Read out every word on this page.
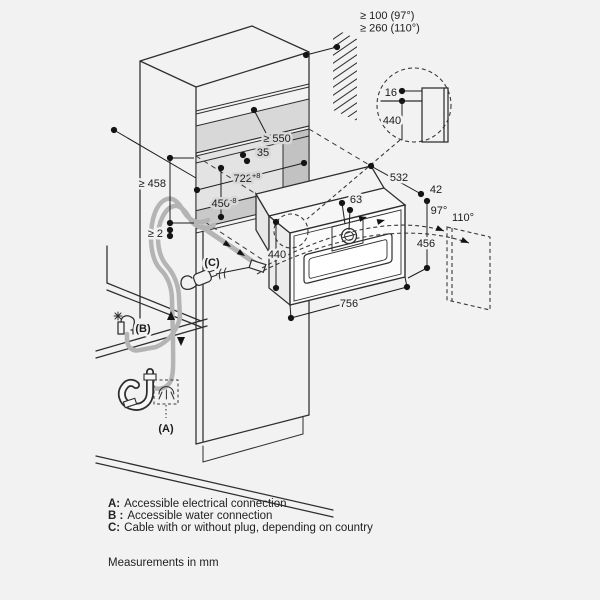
≥ 100 (97°)
≥ 260 (110°)
(B)
(A)
(C)
97°
110°
16
440
≥ 550
35
$722^{+8}$
$450^{-8}$
≥ 458
≥ 2
532
42
456
63
440
756
A: Accessible electrical connection
B : Accessible water connection
C: Cable with or without plug, depending on country
Measurements in mm
